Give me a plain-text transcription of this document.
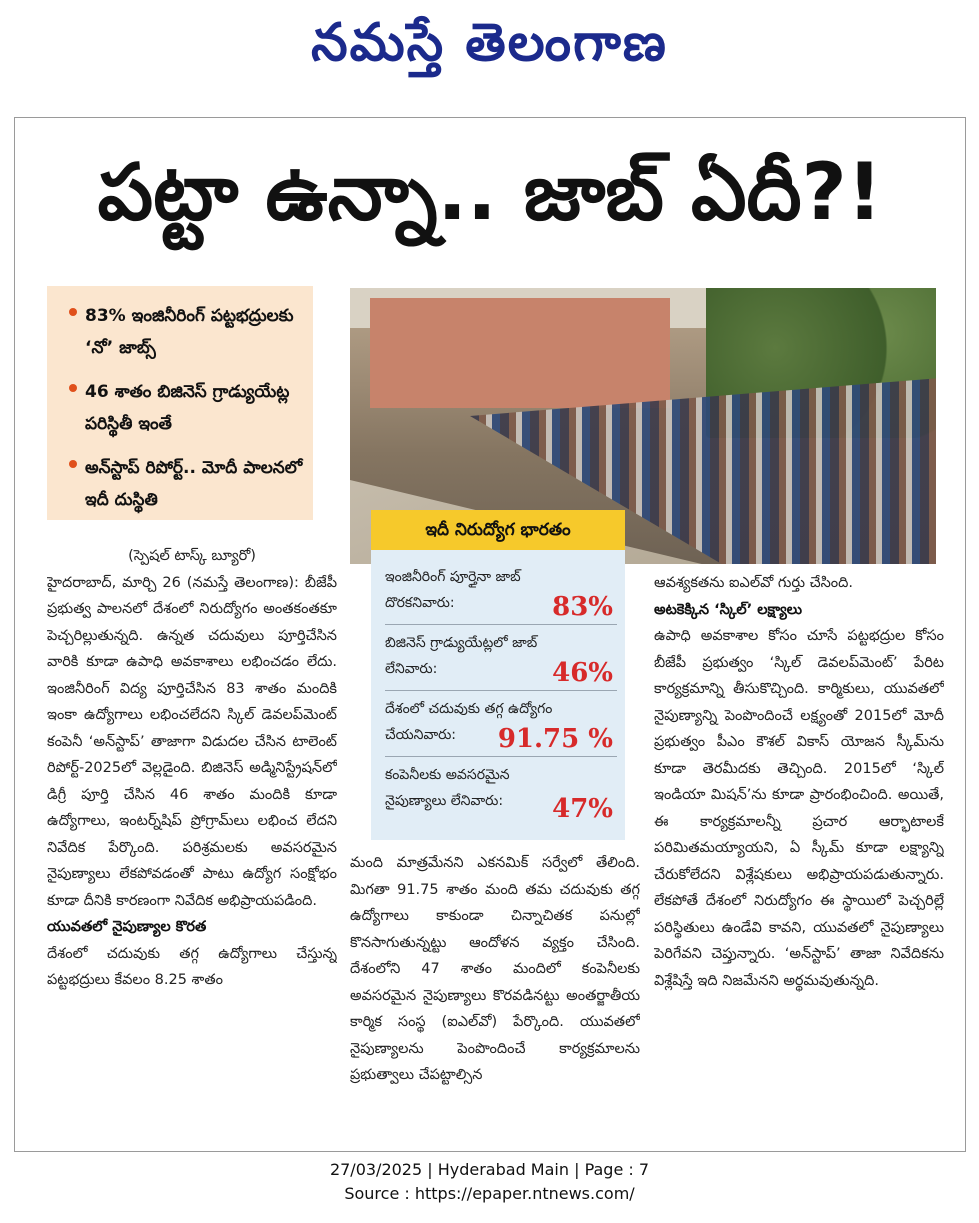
నమస్తే తెలంగాణ
పట్టా ఉన్నా.. జాబ్ ఏదీ?!
83% ఇంజినీరింగ్ పట్టభద్రులకు ‘నో’ జాబ్స్
46 శాతం బిజినెస్ గ్రాడ్యుయేట్ల పరిస్థితీ ఇంతే
అన్‌స్టాప్ రిపోర్ట్.. మోదీ పాలనలో ఇదీ దుస్థితి
ఇదీ నిరుద్యోగ భారతం
ఇంజినీరింగ్ పూర్తైనా జాబ్
దొరకనివారు:	83%
బిజినెస్ గ్రాడ్యుయేట్లలో జాబ్
లేనివారు:	46%
దేశంలో చదువుకు తగ్గ ఉద్యోగం
చేయనివారు: 91.75 %
కంపెనీలకు అవసరమైన
నైపుణ్యాలు లేనివారు: 47%

(స్పెషల్ టాస్క్ బ్యూరో)

హైదరాబాద్, మార్చి 26 (నమస్తే తెలంగాణ): బీజేపీ ప్రభుత్వ పాలనలో దేశంలో నిరుద్యోగం అంతకంతకూ పెచ్చరిల్లుతున్నది. ఉన్నత చదువులు పూర్తిచేసిన వారికి కూడా ఉపాధి అవకాశాలు లభించడం లేదు. ఇంజినీరింగ్ విద్య పూర్తిచేసిన 83 శాతం మందికి ఇంకా ఉద్యోగాలు లభించలేదని స్కిల్ డెవలప్‌మెంట్ కంపెనీ ‘అన్‌స్టాప్’ తాజాగా విడుదల చేసిన టాలెంట్ రిపోర్ట్-2025లో వెల్లడైంది. బిజినెస్ అడ్మినిస్ట్రేషన్‌లో డిగ్రీ పూర్తి చేసిన 46 శాతం మందికి కూడా ఉద్యోగాలు, ఇంటర్న్‌షిప్ ప్రోగ్రామ్‌లు లభించ లేదని నివేదిక పేర్కొంది. పరిశ్రమలకు అవసరమైన నైపుణ్యాలు లేకపోవడంతో పాటు ఉద్యోగ సంక్షోభం కూడా దీనికి కారణంగా నివేదిక అభిప్రాయపడింది.

యువతలో నైపుణ్యాల కొరత

దేశంలో చదువుకు తగ్గ ఉద్యోగాలు చేస్తున్న పట్టభద్రులు కేవలం 8.25 శాతం

మంది మాత్రమేనని ఎకనమిక్ సర్వేలో తేలింది. మిగతా 91.75 శాతం మంది తమ చదువుకు తగ్గ ఉద్యోగాలు కాకుండా చిన్నాచితక పనుల్లో కొనసాగుతున్నట్టు ఆందోళన వ్యక్తం చేసింది. దేశంలోని 47 శాతం మందిలో కంపెనీలకు అవసరమైన నైపుణ్యాలు కొరవడినట్టు అంతర్జాతీయ కార్మిక సంస్థ (ఐఎల్‌వో) పేర్కొంది. యువతలో నైపుణ్యాలను పెంపొందించే కార్యక్రమాలను ప్రభుత్వాలు చేపట్టాల్సిన

ఆవశ్యకతను ఐఎల్‌వో గుర్తు చేసింది.

అటకెక్కిన ‘స్కిల్’ లక్ష్యాలు

ఉపాధి అవకాశాల కోసం చూసే పట్టభద్రుల కోసం బీజేపీ ప్రభుత్వం ‘స్కిల్ డెవలప్‌మెంట్’ పేరిట కార్యక్రమాన్ని తీసుకొచ్చింది. కార్మికులు, యువతలో నైపుణ్యాన్ని పెంపొందించే లక్ష్యంతో 2015లో మోదీ ప్రభుత్వం పీఎం కౌశల్ వికాస్ యోజన స్కీమ్‌ను కూడా తెరమీదకు తెచ్చింది. 2015లో ‘స్కిల్ ఇండియా మిషన్’ను కూడా ప్రారంభించింది. అయితే, ఈ కార్యక్రమాలన్నీ ప్రచార ఆర్భాటాలకే పరిమితమయ్యాయని, ఏ స్కీమ్ కూడా లక్ష్యాన్ని చేరుకోలేదని విశ్లేషకులు అభిప్రాయపడుతున్నారు. లేకపోతే దేశంలో నిరుద్యోగం ఈ స్థాయిలో పెచ్చరిల్లే పరిస్థితులు ఉండేవి కావని, యువతలో నైపుణ్యాలు పెరిగేవని చెప్తున్నారు. ‘అన్‌స్టాప్’ తాజా నివేదికను విశ్లేషిస్తే ఇది నిజమేనని అర్థమవుతున్నది.

27/03/2025 | Hyderabad Main | Page : 7
Source : https://epaper.ntnews.com/
